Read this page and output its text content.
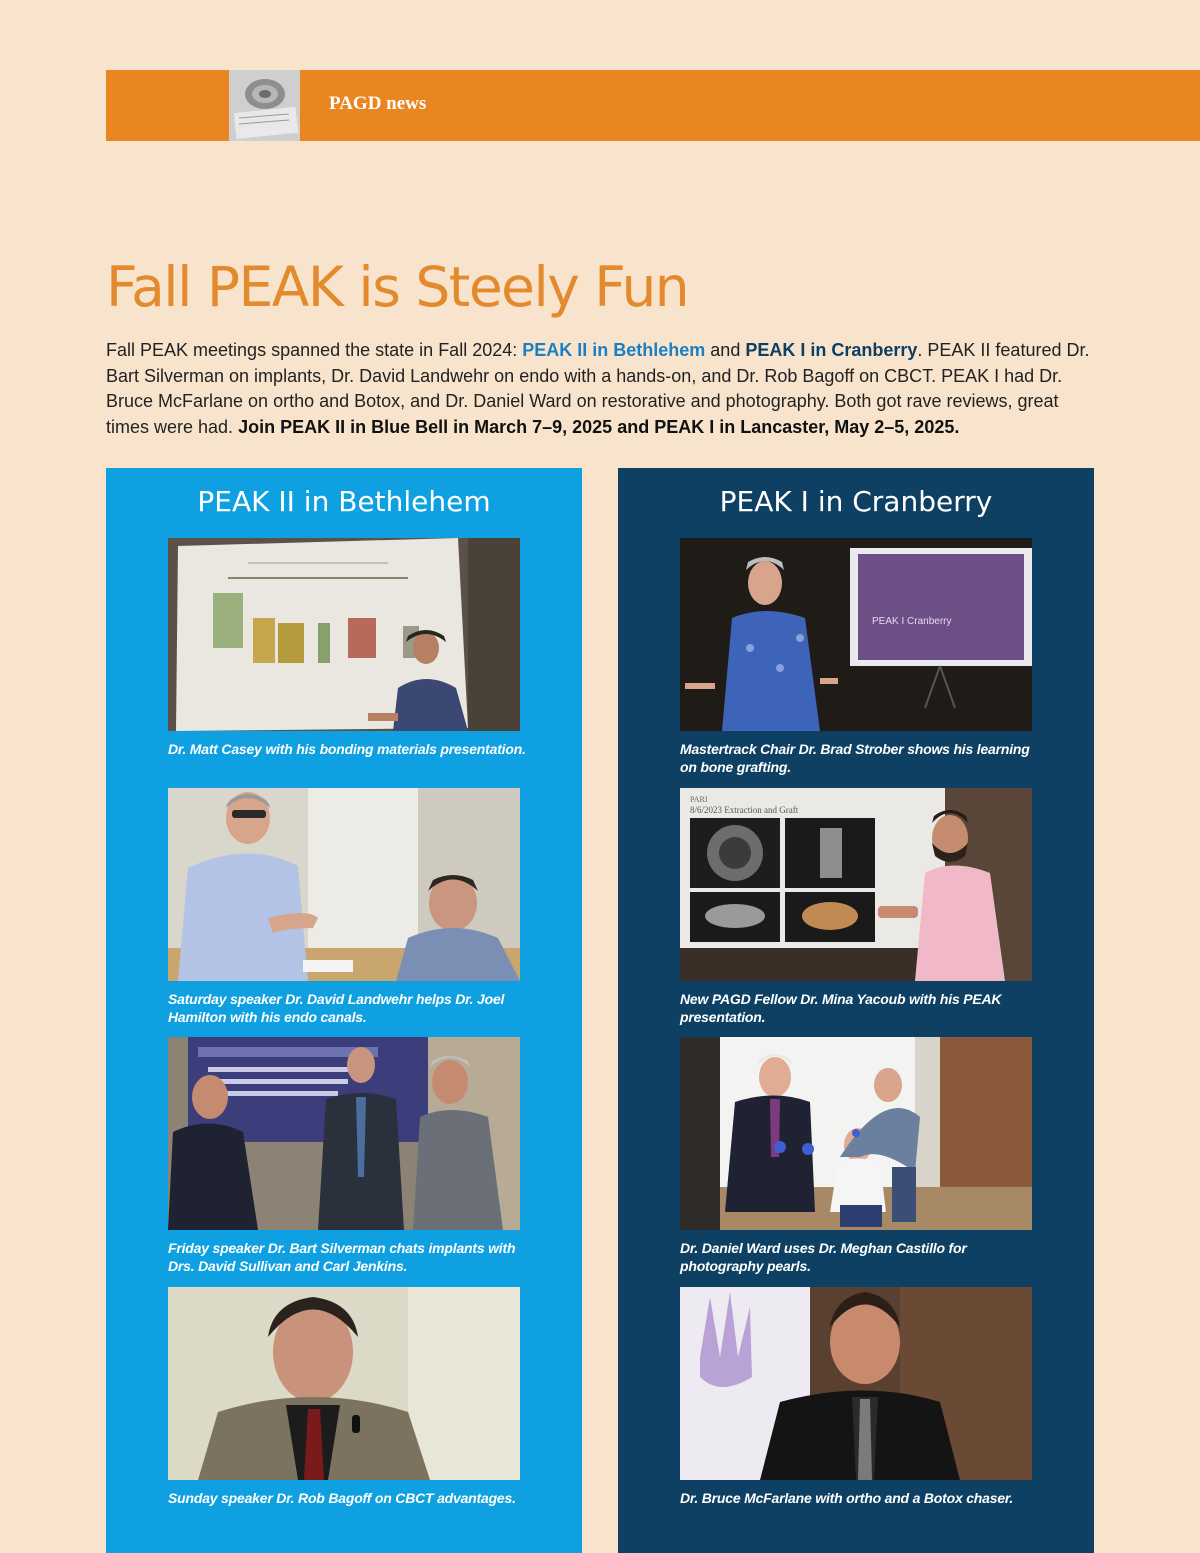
PAGD news
Fall PEAK is Steely Fun

Fall PEAK meetings spanned the state in Fall 2024: PEAK II in Bethlehem and PEAK I in Cranberry. PEAK II featured Dr. Bart Silverman on implants, Dr. David Landwehr on endo with a hands-on, and Dr. Rob Bagoff on CBCT. PEAK I had Dr. Bruce McFarlane on ortho and Botox, and Dr. Daniel Ward on restorative and photography. Both got rave reviews, great times were had. Join PEAK II in Blue Bell in March 7–9, 2025 and PEAK I in Lancaster, May 2–5, 2025.

PEAK II in Bethlehem
Dr. Matt Casey with his bonding materials presentation.
Saturday speaker Dr. David Landwehr helps Dr. Joel Hamilton with his endo canals.
Friday speaker Dr. Bart Silverman chats implants with Drs. David Sullivan and Carl Jenkins.
Sunday speaker Dr. Rob Bagoff on CBCT advantages.
PEAK I in Cranberry
PEAK I Cranberry
Mastertrack Chair Dr. Brad Strober shows his learning on bone grafting.
PARI
8/6/2023 Extraction and Graft
New PAGD Fellow Dr. Mina Yacoub with his PEAK presentation.
Dr. Daniel Ward uses Dr. Meghan Castillo for photography pearls.
Dr. Bruce McFarlane with ortho and a Botox chaser.
